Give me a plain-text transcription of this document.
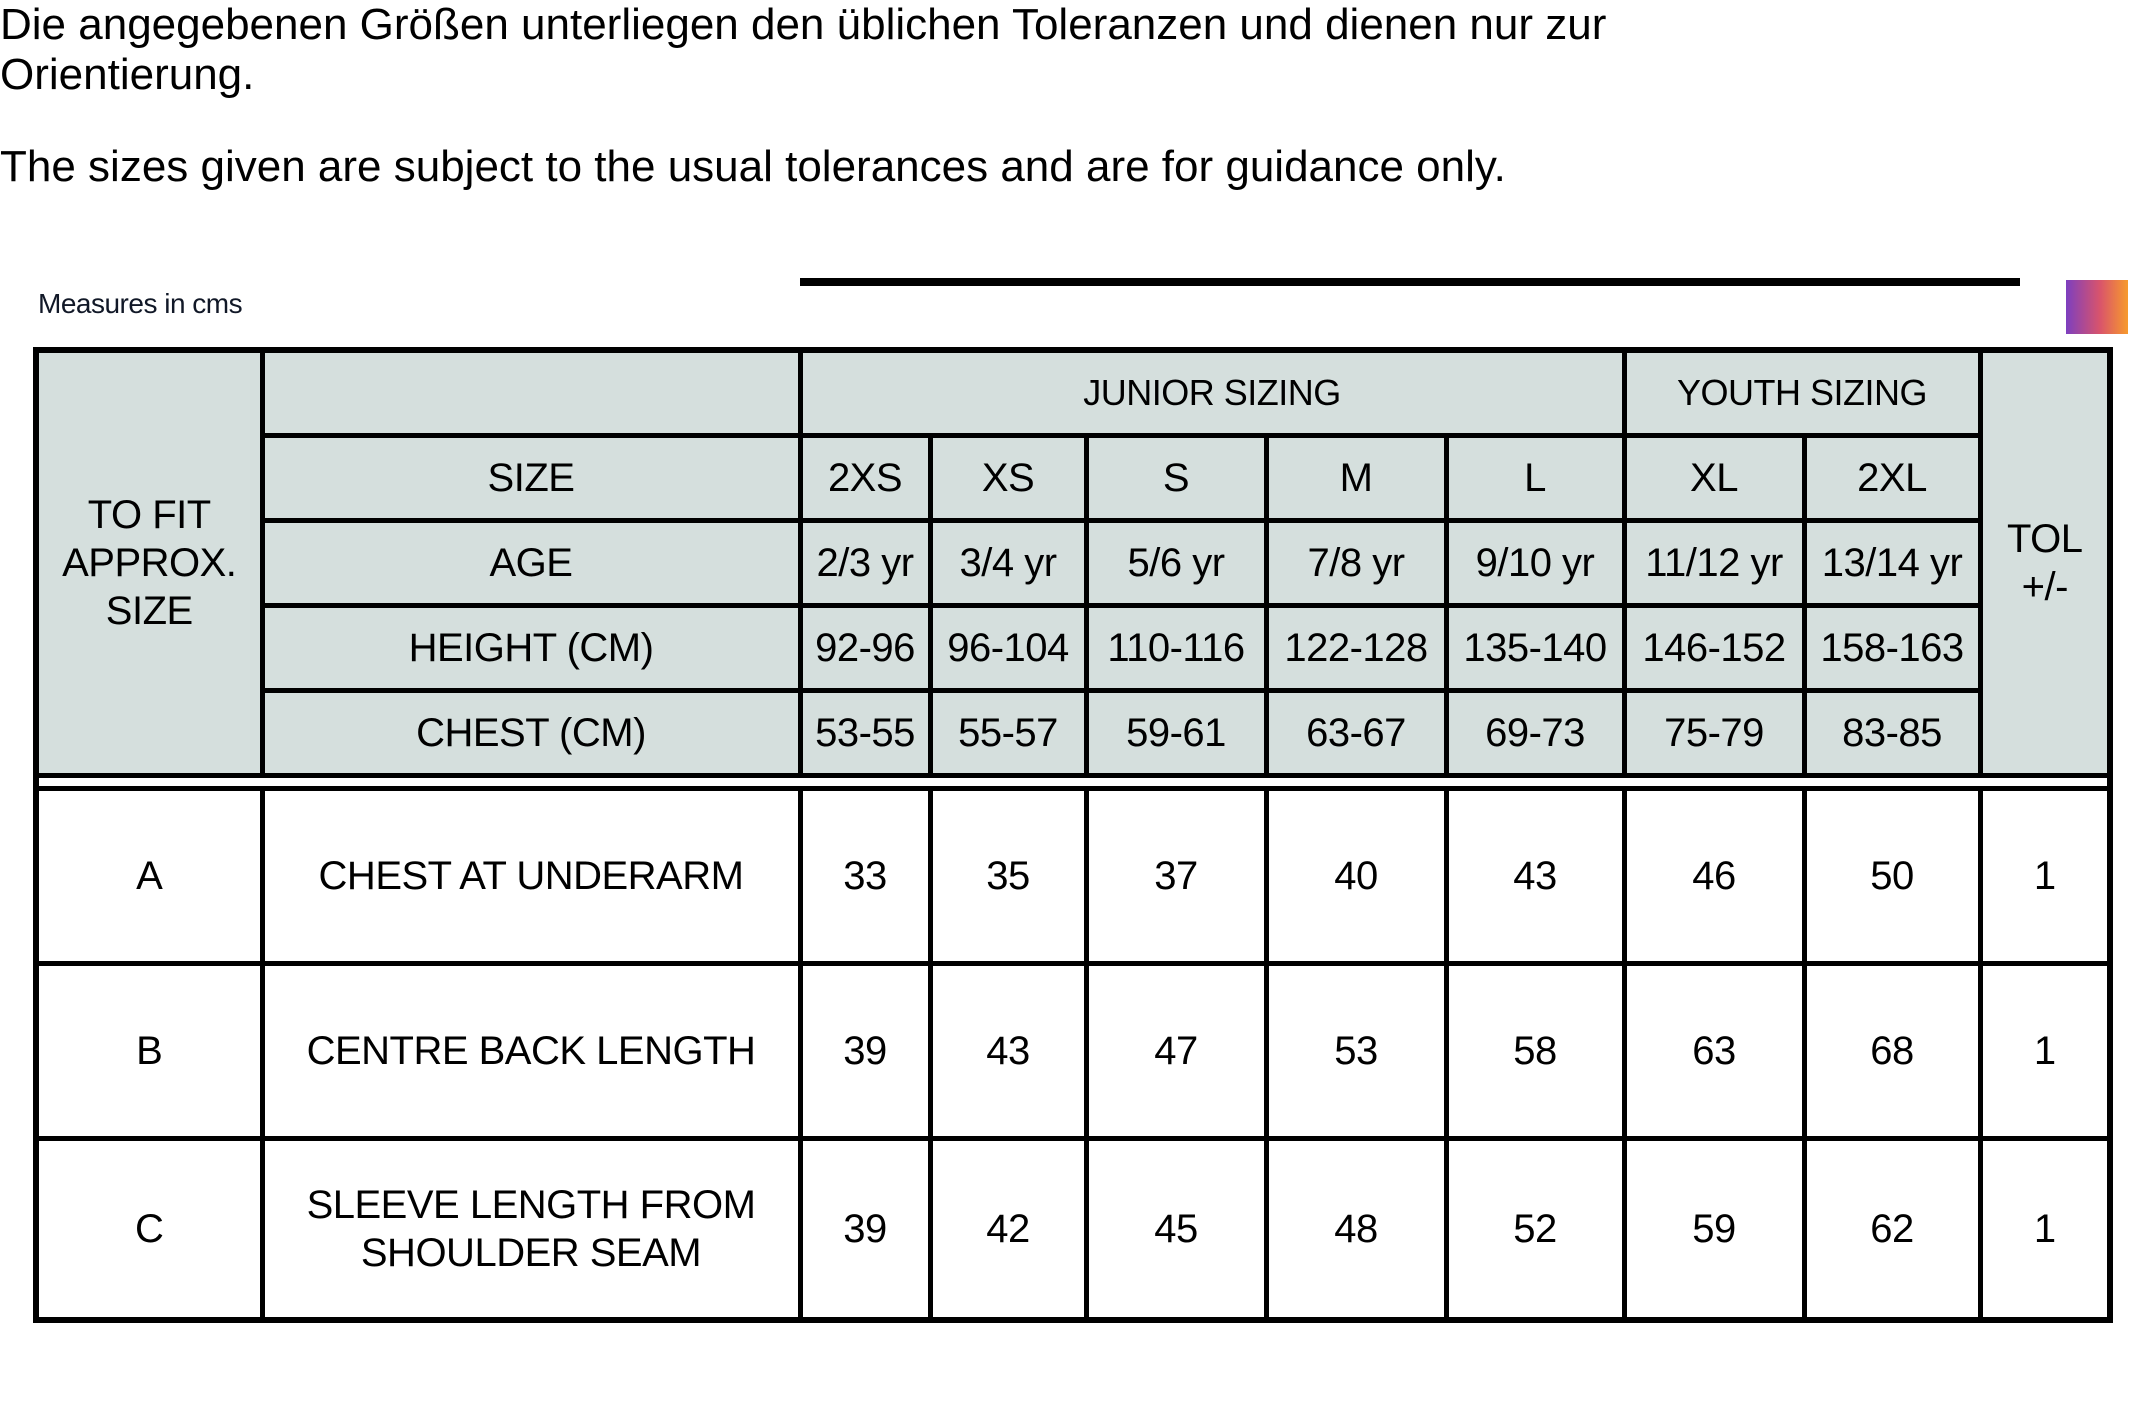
Die angegebenen Größen unterliegen den üblichen Toleranzen und dienen nur zur Orientierung.

The sizes given are subject to the usual tolerances and are for guidance only.

Measures in cms
TO FIT APPROX. SIZE		JUNIOR SIZING					YOUTH SIZING		TOL +/-
	SIZE	2XS	XS	S	M	L	XL	2XL	
	AGE	2/3 yr	3/4 yr	5/6 yr	7/8 yr	9/10 yr	11/12 yr	13/14 yr	
	HEIGHT (CM)	92-96	96-104	110-116	122-128	135-140	146-152	158-163	
	CHEST (CM)	53-55	55-57	59-61	63-67	69-73	75-79	83-85	

A	CHEST AT UNDERARM	33	35	37	40	43	46	50	1
B	CENTRE BACK LENGTH	39	43	47	53	58	63	68	1
C	SLEEVE LENGTH FROM SHOULDER SEAM	39	42	45	48	52	59	62	1
